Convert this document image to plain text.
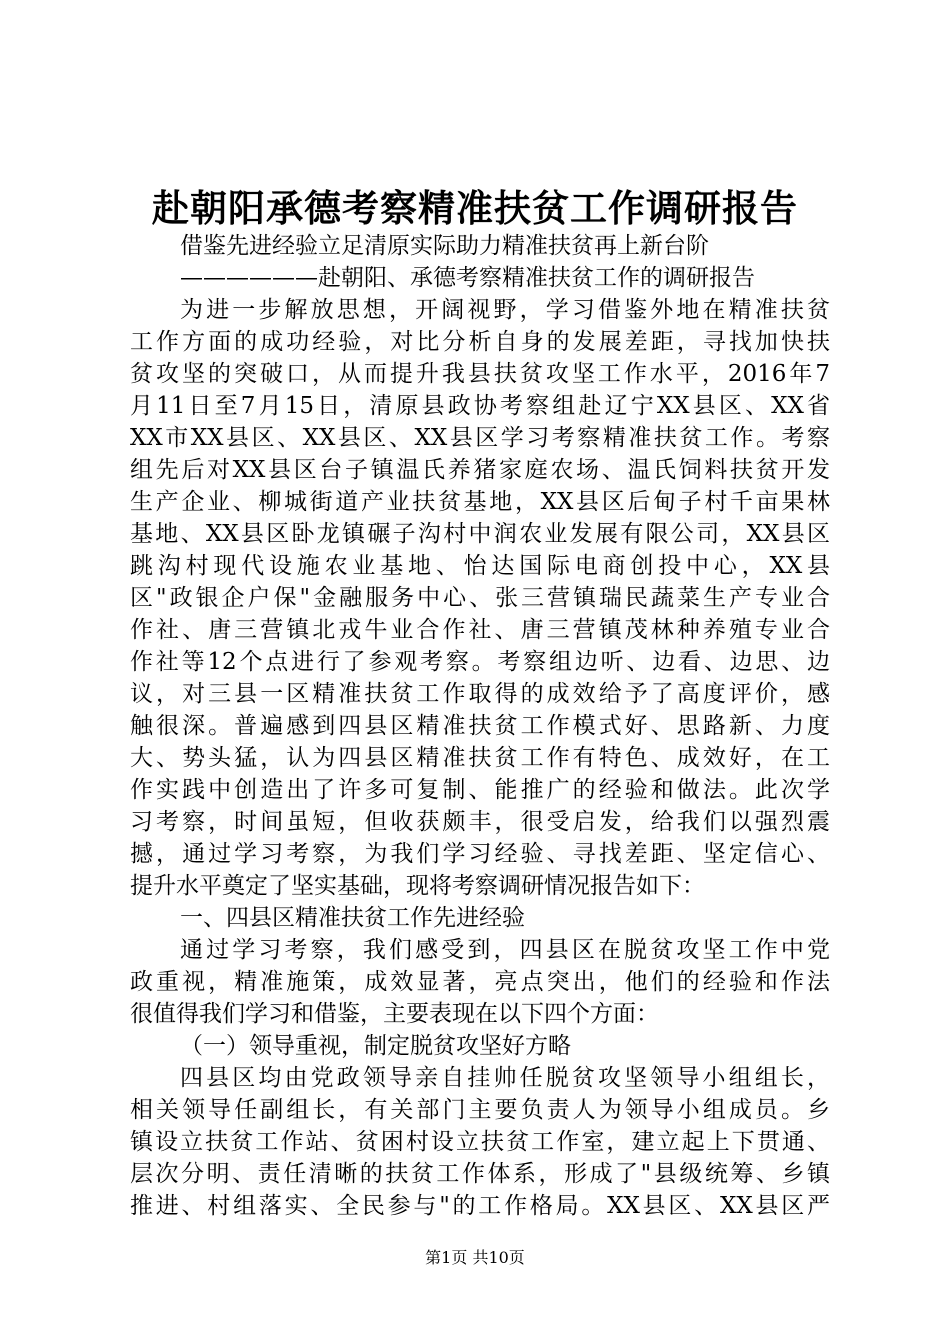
赴朝阳承德考察精准扶贫工作调研报告
借鉴先进经验立足清原实际助力精准扶贫再上新台阶
——————赴朝阳、承德考察精准扶贫工作的调研报告
为进一步解放思想，开阔视野，学习借鉴外地在精准扶贫
工作方面的成功经验，对比分析自身的发展差距，寻找加快扶
贫攻坚的突破口，从而提升我县扶贫攻坚工作水平，2016年7
月11日至7月15日，清原县政协考察组赴辽宁XX县区、XX省
XX市XX县区、XX县区、XX县区学习考察精准扶贫工作。考察
组先后对XX县区台子镇温氏养猪家庭农场、温氏饲料扶贫开发
生产企业、柳城街道产业扶贫基地，XX县区后甸子村千亩果林
基地、XX县区卧龙镇碾子沟村中润农业发展有限公司，XX县区
跳沟村现代设施农业基地、怡达国际电商创投中心，XX县
区"政银企户保"金融服务中心、张三营镇瑞民蔬菜生产专业合
作社、唐三营镇北戎牛业合作社、唐三营镇茂林种养殖专业合
作社等12个点进行了参观考察。考察组边听、边看、边思、边
议，对三县一区精准扶贫工作取得的成效给予了高度评价，感
触很深。普遍感到四县区精准扶贫工作模式好、思路新、力度
大、势头猛，认为四县区精准扶贫工作有特色、成效好，在工
作实践中创造出了许多可复制、能推广的经验和做法。此次学
习考察，时间虽短，但收获颇丰，很受启发，给我们以强烈震
撼，通过学习考察，为我们学习经验、寻找差距、坚定信心、
提升水平奠定了坚实基础，现将考察调研情况报告如下：
一、四县区精准扶贫工作先进经验
通过学习考察，我们感受到，四县区在脱贫攻坚工作中党
政重视，精准施策，成效显著，亮点突出，他们的经验和作法
很值得我们学习和借鉴，主要表现在以下四个方面：
（一）领导重视，制定脱贫攻坚好方略
四县区均由党政领导亲自挂帅任脱贫攻坚领导小组组长，
相关领导任副组长，有关部门主要负责人为领导小组成员。乡
镇设立扶贫工作站、贫困村设立扶贫工作室，建立起上下贯通、
层次分明、责任清晰的扶贫工作体系，形成了"县级统筹、乡镇
推进、村组落实、全民参与"的工作格局。XX县区、XX县区严
第1页 共10页
